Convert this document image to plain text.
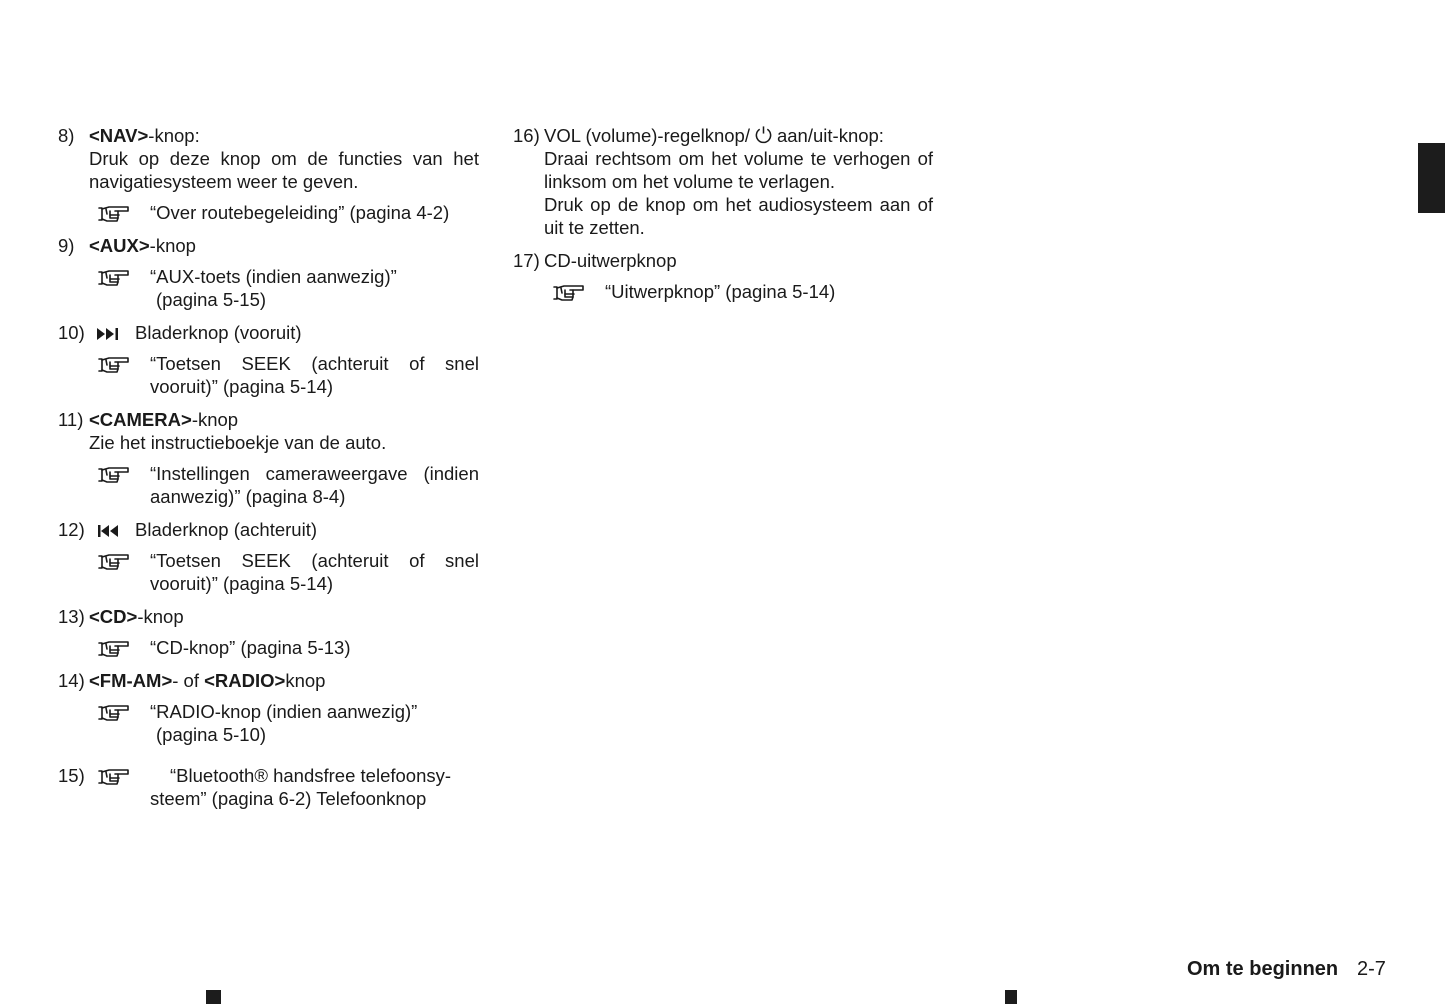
8) <NAV>-knop:
Druk op deze knop om de functies van het navigatiesysteem weer te geven.
“Over routebegeleiding” (pagina 4-2)
9) <AUX>-knop
“AUX-toets (indien aanwezig)”
(pagina 5-15)
10)	Bladerknop (vooruit)
“Toetsen SEEK (achteruit of snel vooruit)” (pagina 5-14)
11) <CAMERA>-knop
Zie het instructieboekje van de auto.
“Instellingen cameraweergave (indien aanwezig)” (pagina 8-4)
12)	Bladerknop (achteruit)
“Toetsen SEEK (achteruit of snel vooruit)” (pagina 5-14)
13) <CD>-knop
“CD-knop” (pagina 5-13)
14) <FM-AM>- of <RADIO>knop
“RADIO-knop (indien aanwezig)”
(pagina 5-10)
15)	“Bluetooth® handsfree telefoonsy-
steem” (pagina 6-2) Telefoonknop
16) VOL (volume)-regelknop/ aan/uit-knop:
Draai rechtsom om het volume te verhogen of linksom om het volume te verlagen.
Druk op de knop om het audiosysteem aan of uit te zetten.
17) CD-uitwerpknop
“Uitwerpknop” (pagina 5-14)
Om te beginnen 2-7
